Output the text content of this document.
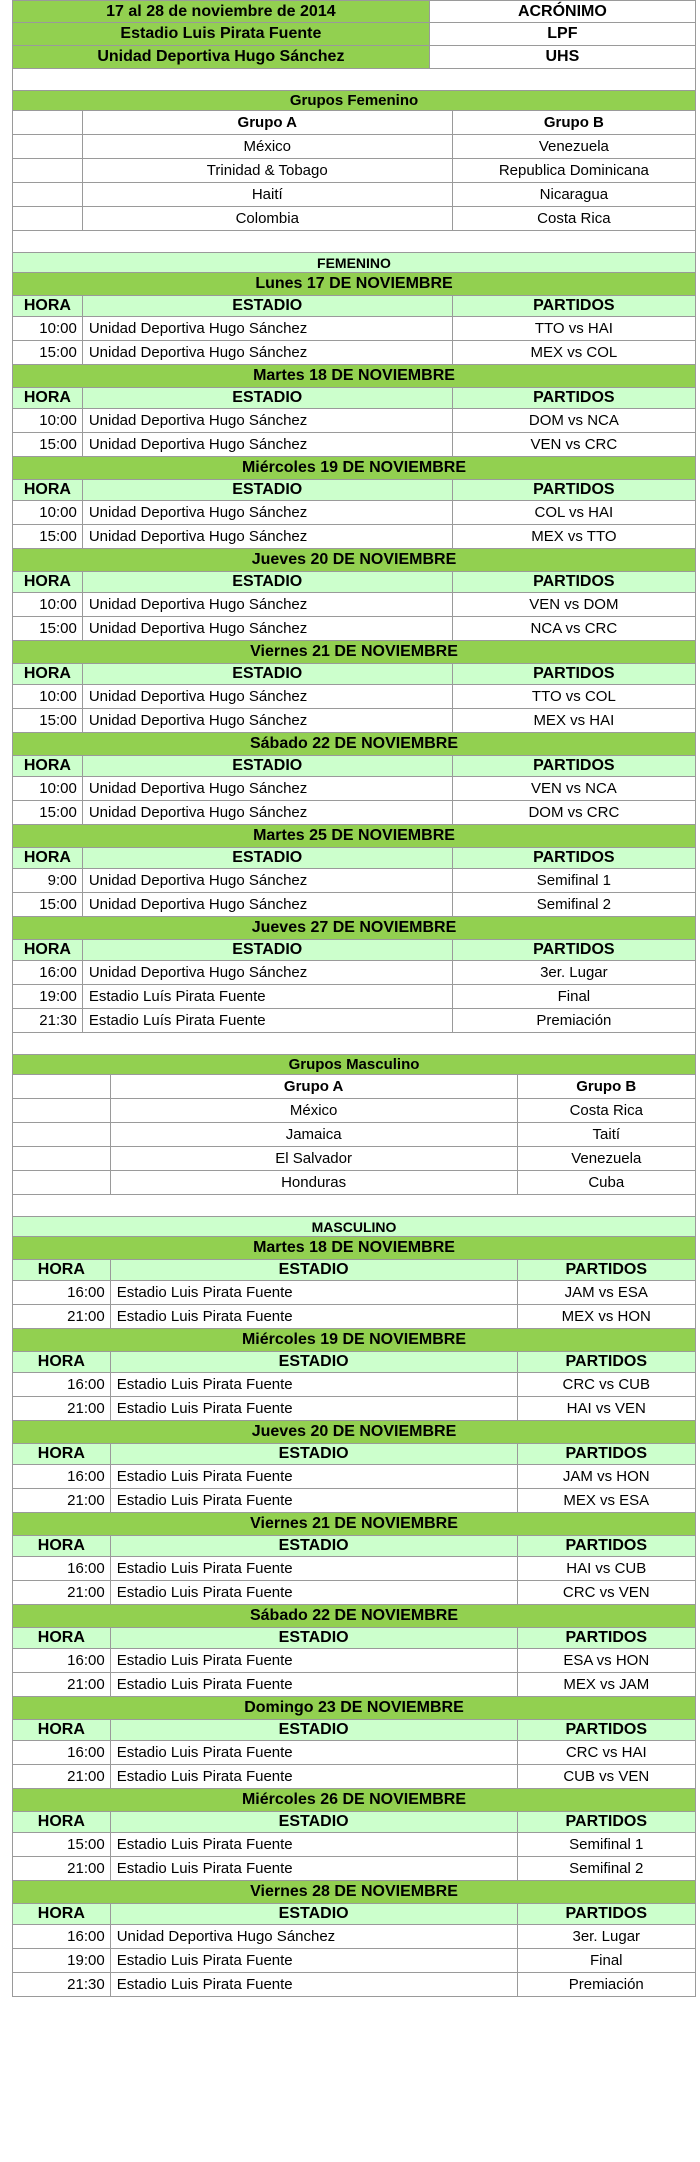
17 al 28 de noviembre de 2014	ACRÓNIMO
Estadio Luis Pirata Fuente	LPF
Unidad Deportiva Hugo Sánchez	UHS
Grupos Femenino
Grupo A	Grupo B
México	Venezuela
Trinidad & Tobago	Republica Dominicana
Haití	Nicaragua
Colombia	Costa Rica
FEMENINO
Lunes 17 DE NOVIEMBRE
HORA	ESTADIO	PARTIDOS
10:00 Unidad Deportiva Hugo Sánchez	TTO vs HAI
15:00 Unidad Deportiva Hugo Sánchez	MEX vs COL
Martes 18 DE NOVIEMBRE
HORA	ESTADIO	PARTIDOS
10:00 Unidad Deportiva Hugo Sánchez	DOM vs NCA
15:00 Unidad Deportiva Hugo Sánchez	VEN vs CRC
Miércoles 19 DE NOVIEMBRE
HORA	ESTADIO	PARTIDOS
10:00 Unidad Deportiva Hugo Sánchez	COL vs HAI
15:00 Unidad Deportiva Hugo Sánchez	MEX vs TTO
Jueves 20 DE NOVIEMBRE
HORA	ESTADIO	PARTIDOS
10:00 Unidad Deportiva Hugo Sánchez	VEN vs DOM
15:00 Unidad Deportiva Hugo Sánchez	NCA vs CRC
Viernes 21 DE NOVIEMBRE
HORA	ESTADIO	PARTIDOS
10:00 Unidad Deportiva Hugo Sánchez	TTO vs COL
15:00 Unidad Deportiva Hugo Sánchez	MEX vs HAI
Sábado 22 DE NOVIEMBRE
HORA	ESTADIO	PARTIDOS
10:00 Unidad Deportiva Hugo Sánchez	VEN vs NCA
15:00 Unidad Deportiva Hugo Sánchez	DOM vs CRC
Martes 25 DE NOVIEMBRE
HORA	ESTADIO	PARTIDOS
9:00 Unidad Deportiva Hugo Sánchez	Semifinal 1
15:00 Unidad Deportiva Hugo Sánchez	Semifinal 2
Jueves 27 DE NOVIEMBRE
HORA	ESTADIO	PARTIDOS
16:00 Unidad Deportiva Hugo Sánchez	3er. Lugar
19:00 Estadio Luís Pirata Fuente	Final
21:30 Estadio Luís Pirata Fuente	Premiación
Grupos Masculino
Grupo A	Grupo B
México	Costa Rica
Jamaica	Taití
El Salvador	Venezuela
Honduras	Cuba
MASCULINO
Martes 18 DE NOVIEMBRE
HORA	ESTADIO	PARTIDOS
16:00 Estadio Luis Pirata Fuente	JAM vs ESA
21:00 Estadio Luis Pirata Fuente	MEX vs HON
Miércoles 19 DE NOVIEMBRE
HORA	ESTADIO	PARTIDOS
16:00 Estadio Luis Pirata Fuente	CRC vs CUB
21:00 Estadio Luis Pirata Fuente	HAI vs VEN
Jueves 20 DE NOVIEMBRE
HORA	ESTADIO	PARTIDOS
16:00 Estadio Luis Pirata Fuente	JAM vs HON
21:00 Estadio Luis Pirata Fuente	MEX vs ESA
Viernes 21 DE NOVIEMBRE
HORA	ESTADIO	PARTIDOS
16:00 Estadio Luis Pirata Fuente	HAI vs CUB
21:00 Estadio Luis Pirata Fuente	CRC vs VEN
Sábado 22 DE NOVIEMBRE
HORA	ESTADIO	PARTIDOS
16:00 Estadio Luis Pirata Fuente	ESA vs HON
21:00 Estadio Luis Pirata Fuente	MEX vs JAM
Domingo 23 DE NOVIEMBRE
HORA	ESTADIO	PARTIDOS
16:00 Estadio Luis Pirata Fuente	CRC vs HAI
21:00 Estadio Luis Pirata Fuente	CUB vs VEN
Miércoles 26 DE NOVIEMBRE
HORA	ESTADIO	PARTIDOS
15:00 Estadio Luis Pirata Fuente	Semifinal 1
21:00 Estadio Luis Pirata Fuente	Semifinal 2
Viernes 28 DE NOVIEMBRE
HORA	ESTADIO	PARTIDOS
16:00 Unidad Deportiva Hugo Sánchez	3er. Lugar
19:00 Estadio Luis Pirata Fuente	Final
21:30 Estadio Luis Pirata Fuente	Premiación
